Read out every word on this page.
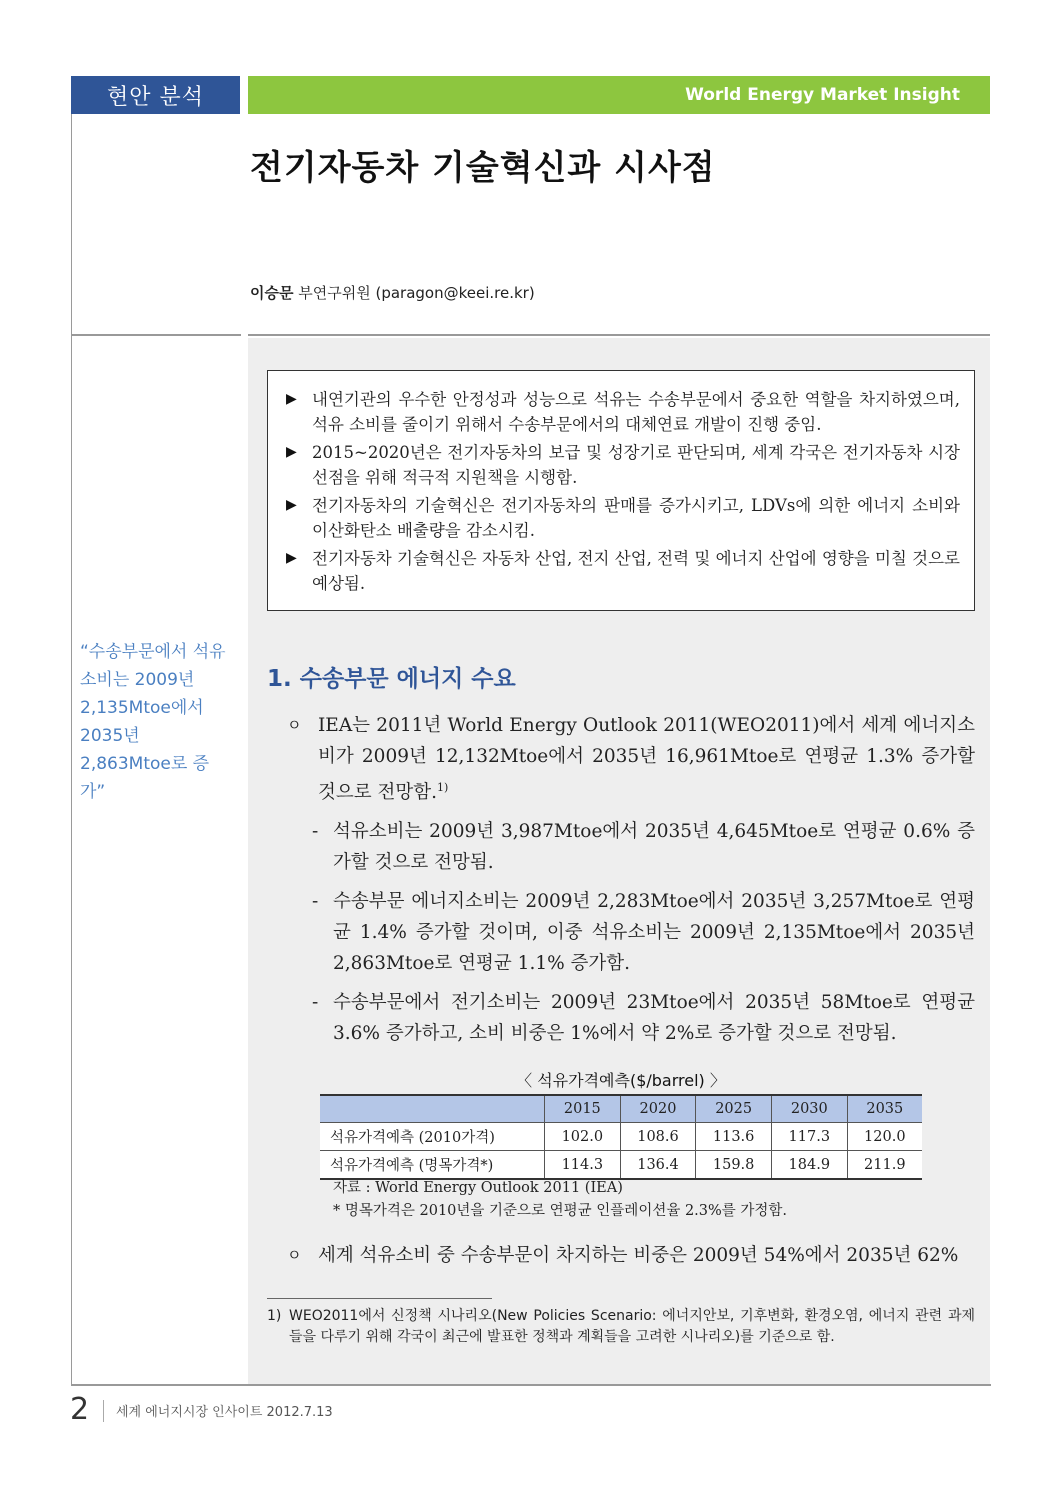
현안 분석	World Energy Market Insight
전기자동차 기술혁신과 시사점
이승문 부연구위원 (paragon@keei.re.kr)
▶ 내연기관의 우수한 안정성과 성능으로 석유는 수송부문에서 중요한 역할을 차지하였으며, 석유 소비를 줄이기 위해서 수송부문에서의 대체연료 개발이 진행 중임.
▶ 2015~2020년은 전기자동차의 보급 및 성장기로 판단되며, 세계 각국은 전기자동차 시장선점을 위해 적극적 지원책을 시행함.
▶ 전기자동차의 기술혁신은 전기자동차의 판매를 증가시키고, LDVs에 의한 에너지 소비와 이산화탄소 배출량을 감소시킴.
▶ 전기자동차 기술혁신은 자동차 산업, 전지 산업, 전력 및 에너지 산업에 영향을 미칠 것으로 예상됨.
“수송부문에서 석유소비는 2009년 2,135Mtoe에서 2035년 2,863Mtoe로 증가”
1. 수송부문 에너지 수요
ㅇ IEA는 2011년 World Energy Outlook 2011(WEO2011)에서 세계 에너지소비가 2009년 12,132Mtoe에서 2035년 16,961Mtoe로 연평균 1.3% 증가할 것으로 전망함.$^{1)}$
- 석유소비는 2009년 3,987Mtoe에서 2035년 4,645Mtoe로 연평균 0.6% 증가할 것으로 전망됨.
- 수송부문 에너지소비는 2009년 2,283Mtoe에서 2035년 3,257Mtoe로 연평균 1.4% 증가할 것이며, 이중 석유소비는 2009년 2,135Mtoe에서 2035년 2,863Mtoe로 연평균 1.1% 증가함.
- 수송부문에서 전기소비는 2009년 23Mtoe에서 2035년 58Mtoe로 연평균 3.6% 증가하고, 소비 비중은 1%에서 약 2%로 증가할 것으로 전망됨.
〈 석유가격예측($/barrel) 〉
	2015	2020	2025	2030	2035
석유가격예측 (2010가격)	102.0	108.6	113.6	117.3	120.0
석유가격예측 (명목가격*)	114.3	136.4	159.8	184.9	211.9
자료 : World Energy Outlook 2011 (IEA)
* 명목가격은 2010년을 기준으로 연평균 인플레이션율 2.3%를 가정함.
ㅇ 세계 석유소비 중 수송부문이 차지하는 비중은 2009년 54%에서 2035년 62%
1) WEO2011에서 신정책 시나리오(New Policies Scenario: 에너지안보, 기후변화, 환경오염, 에너지 관련 과제들을 다루기 위해 각국이 최근에 발표한 정책과 계획들을 고려한 시나리오)를 기준으로 함.
2 세계 에너지시장 인사이트 2012.7.13
